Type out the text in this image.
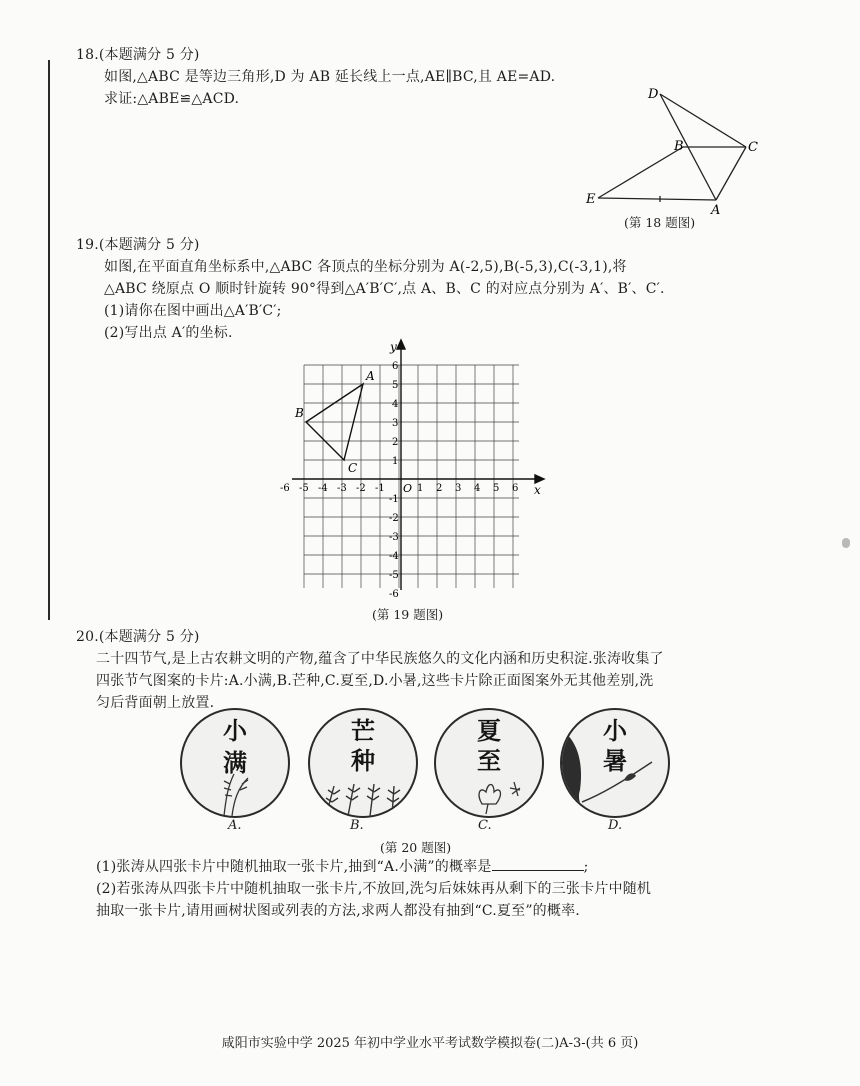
18.(本题满分 5 分)
如图,△ABC 是等边三角形,D 为 AB 延长线上一点,AE∥BC,且 AE=AD.
求证:△ABE≌△ACD.	D
B	C
E
A
(第 18 题图)
19.(本题满分 5 分)
如图,在平面直角坐标系中,△ABC 各顶点的坐标分别为 A(-2,5),B(-5,3),C(-3,1),将
△ABC 绕原点 O 顺时针旋转 90°得到△A′B′C′,点 A、B、C 的对应点分别为 A′、B′、C′.
(1)请你在图中画出△A′B′C′;
(2)写出点 A′的坐标.
x
y
O
-6 -5 -4 -3 -2 -1	1 2 3 4 5 6
6
5
4
3
2
1
-1
-2
-3
-4
-5
-6
A
B
C
(第 19 题图)
20.(本题满分 5 分)
二十四节气,是上古农耕文明的产物,蕴含了中华民族悠久的文化内涵和历史积淀.张涛收集了
四张节气图案的卡片:A.小满,B.芒种,C.夏至,D.小暑,这些卡片除正面图案外无其他差别,洗
匀后背面朝上放置.
小
满
芒
种
夏
至
小
暑
A.	B.	C.	D.
(第 20 题图)
(1)张涛从四张卡片中随机抽取一张卡片,抽到“A.小满”的概率是	;
(2)若张涛从四张卡片中随机抽取一张卡片,不放回,洗匀后妹妹再从剩下的三张卡片中随机
抽取一张卡片,请用画树状图或列表的方法,求两人都没有抽到“C.夏至”的概率.
咸阳市实验中学 2025 年初中学业水平考试数学模拟卷(二)A-3-(共 6 页)
